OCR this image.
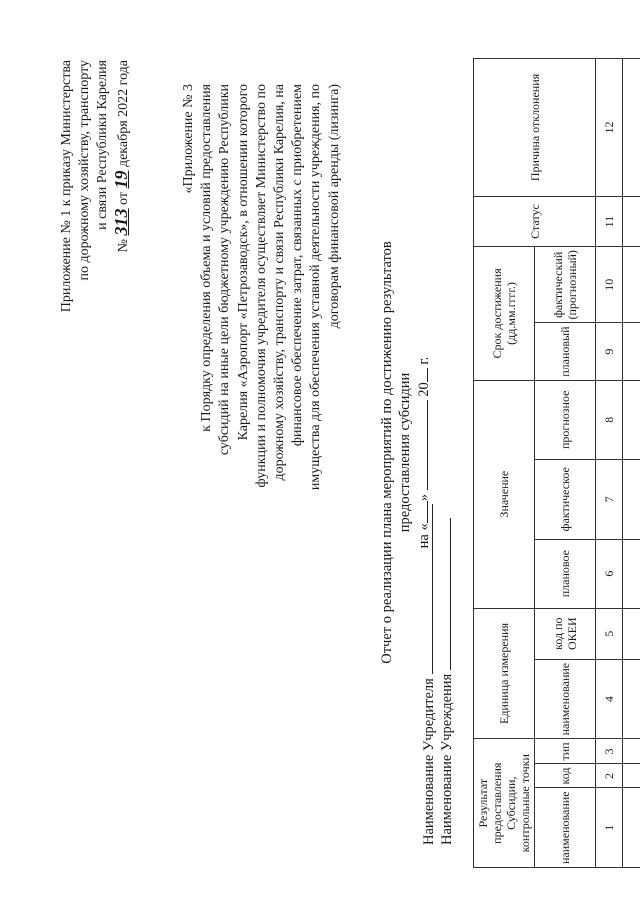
Приложение № 1 к приказу Министерства по дорожному хозяйству, транспорту и связи Республики Карелия
№ 313 от 19 декабря 2022 года	«Приложение № 3 к Порядку определения объема и условий предоставления субсидий на иные цели бюджетному учреждению Республики Карелия «Аэропорт «Петрозаводск», в отношении которого функции и полномочия учредителя осуществляет Министерство по дорожному хозяйству, транспорту и связи Республики Карелия, на финансовое обеспечение затрат, связанных с приобретением имущества для обеспечения уставной деятельности учреждения, по договорам финансовой аренды (лизинга)

Отчет о реализации плана мероприятий по достижению результатов предоставления субсидии
на «»  20 г.
Наименование Учредителя Наименование Учреждения Результат предоставления Субсидии, контрольные точки			Единица измерения		Значение			Срок достижения (дд.мм.гггг.)		Статус	Причина отклонения
наименование	код	тип	наименование	код по ОКЕИ	плановое	фактическое	прогнозное	плановый	фактический (прогнозный)		
1	2	3	4	5	6	7	8	9	10	11	12
